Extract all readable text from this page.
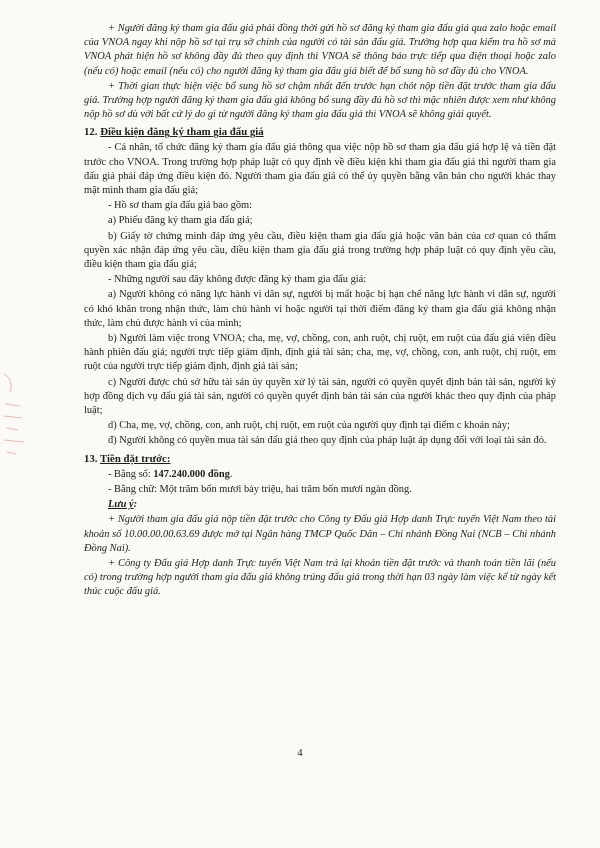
+ Người đăng ký tham gia đấu giá phải đồng thời gửi hồ sơ đăng ký tham gia đấu giá qua zalo hoặc email của VNOA ngay khi nộp hồ sơ tại trụ sở chính của người có tài sản đấu giá. Trường hợp qua kiểm tra hồ sơ mà VNOA phát hiện hồ sơ không đầy đủ theo quy định thì VNOA sẽ thông báo trực tiếp qua điện thoại hoặc zalo (nếu có) hoặc email (nếu có) cho người đăng ký tham gia đấu giá biết để bổ sung hồ sơ đầy đủ cho VNOA.

+ Thời gian thực hiện việc bổ sung hồ sơ chậm nhất đến trước hạn chót nộp tiền đặt trước tham gia đấu giá. Trường hợp người đăng ký tham gia đấu giá không bổ sung đầy đủ hồ sơ thì mặc nhiên được xem như không nộp hồ sơ dù với bất cứ lý do gì từ người đăng ký tham gia đấu giá thì VNOA sẽ không giải quyết.

12. Điều kiện đăng ký tham gia đấu giá

- Cá nhân, tổ chức đăng ký tham gia đấu giá thông qua việc nộp hồ sơ tham gia đấu giá hợp lệ và tiền đặt trước cho VNOA. Trong trường hợp pháp luật có quy định về điều kiện khi tham gia đấu giá thì người tham gia đấu giá phải đáp ứng điều kiện đó. Người tham gia đấu giá có thể ủy quyền bằng văn bản cho người khác thay mặt mình tham gia đấu giá;

- Hồ sơ tham gia đấu giá bao gồm:

a) Phiếu đăng ký tham gia đấu giá;

b) Giấy tờ chứng minh đáp ứng yêu cầu, điều kiện tham gia đấu giá hoặc văn bản của cơ quan có thẩm quyền xác nhận đáp ứng yêu cầu, điều kiện tham gia đấu giá trong trường hợp pháp luật có quy định yêu cầu, điều kiện tham gia đấu giá;

- Những người sau đây không được đăng ký tham gia đấu giá:

a) Người không có năng lực hành vi dân sự, người bị mất hoặc bị hạn chế năng lực hành vi dân sự, người có khó khăn trong nhận thức, làm chủ hành vi hoặc người tại thời điểm đăng ký tham gia đấu giá không nhận thức, làm chủ được hành vi của mình;

b) Người làm việc trong VNOA; cha, mẹ, vợ, chồng, con, anh ruột, chị ruột, em ruột của đấu giá viên điều hành phiên đấu giá; người trực tiếp giám định, định giá tài sản; cha, mẹ, vợ, chồng, con, anh ruột, chị ruột, em ruột của người trực tiếp giám định, định giá tài sản;

c) Người được chủ sở hữu tài sản ủy quyền xử lý tài sản, người có quyền quyết định bán tài sản, người ký hợp đồng dịch vụ đấu giá tài sản, người có quyền quyết định bán tài sản của người khác theo quy định của pháp luật;

d) Cha, mẹ, vợ, chồng, con, anh ruột, chị ruột, em ruột của người quy định tại điểm c khoản này;

đ) Người không có quyền mua tài sản đấu giá theo quy định của pháp luật áp dụng đối với loại tài sản đó.

13. Tiền đặt trước:

- Bằng số: 147.240.000 đồng.

- Bằng chữ: Một trăm bốn mươi bảy triệu, hai trăm bốn mươi ngàn đồng.

Lưu ý:

+ Người tham gia đấu giá nộp tiền đặt trước cho Công ty Đấu giá Hợp danh Trực tuyến Việt Nam theo tài khoản số 10.00.00.00.63.69 được mở tại Ngân hàng TMCP Quốc Dân – Chi nhánh Đồng Nai (NCB – Chi nhánh Đồng Nai).

+ Công ty Đấu giá Hợp danh Trực tuyến Việt Nam trả lại khoản tiền đặt trước và thanh toán tiền lãi (nếu có) trong trường hợp người tham gia đấu giá không trúng đấu giá trong thời hạn 03 ngày làm việc kể từ ngày kết thúc cuộc đấu giá.

4
